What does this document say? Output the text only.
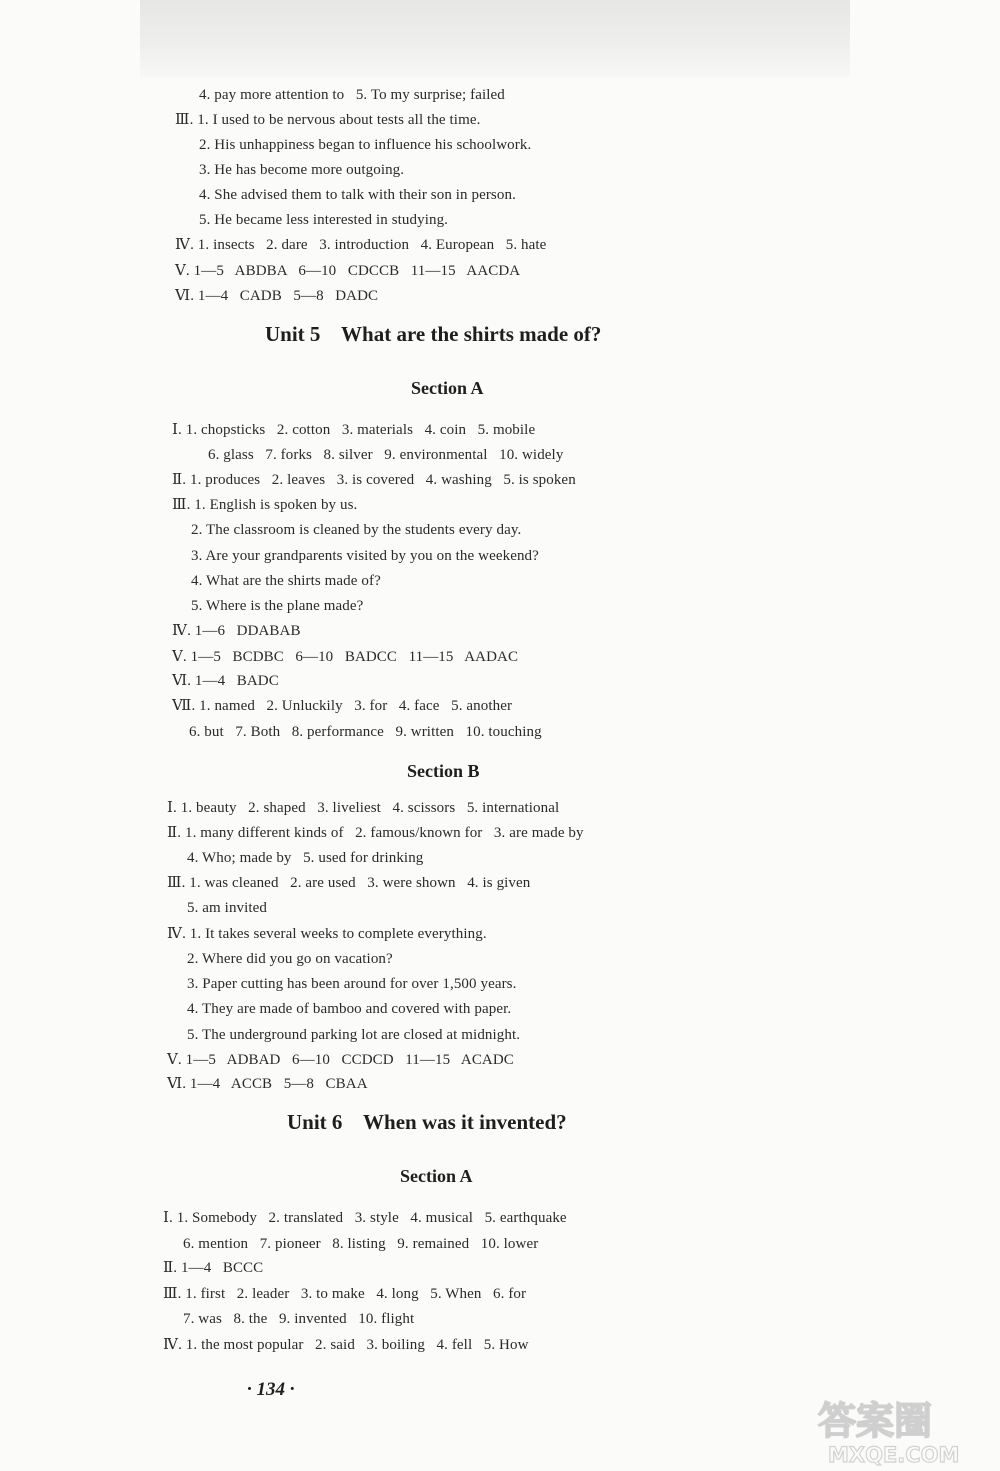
4. pay more attention to   5. To my surprise; failed
Ⅲ. 1. I used to be nervous about tests all the time.
2. His unhappiness began to influence his schoolwork.
3. He has become more outgoing.
4. She advised them to talk with their son in person.
5. He became less interested in studying.
Ⅳ. 1. insects   2. dare   3. introduction   4. European   5. hate
Ⅴ. 1—5   ABDBA   6—10   CDCCB   11—15   AACDA
Ⅵ. 1—4   CADB   5—8   DADC
Unit 5    What are the shirts made of?
Section A
Ⅰ. 1. chopsticks   2. cotton   3. materials   4. coin   5. mobile
6. glass   7. forks   8. silver   9. environmental   10. widely
Ⅱ. 1. produces   2. leaves   3. is covered   4. washing   5. is spoken
Ⅲ. 1. English is spoken by us.
2. The classroom is cleaned by the students every day.
3. Are your grandparents visited by you on the weekend?
4. What are the shirts made of?
5. Where is the plane made?
Ⅳ. 1—6   DDABAB
Ⅴ. 1—5   BCDBC   6—10   BADCC   11—15   AADAC
Ⅵ. 1—4   BADC
Ⅶ. 1. named   2. Unluckily   3. for   4. face   5. another
6. but   7. Both   8. performance   9. written   10. touching
Section B
Ⅰ. 1. beauty   2. shaped   3. liveliest   4. scissors   5. international
Ⅱ. 1. many different kinds of   2. famous/known for   3. are made by
4. Who; made by   5. used for drinking
Ⅲ. 1. was cleaned   2. are used   3. were shown   4. is given
5. am invited
Ⅳ. 1. It takes several weeks to complete everything.
2. Where did you go on vacation?
3. Paper cutting has been around for over 1,500 years.
4. They are made of bamboo and covered with paper.
5. The underground parking lot are closed at midnight.
Ⅴ. 1—5   ADBAD   6—10   CCDCD   11—15   ACADC
Ⅵ. 1—4   ACCB   5—8   CBAA
Unit 6    When was it invented?
Section A
Ⅰ. 1. Somebody   2. translated   3. style   4. musical   5. earthquake
6. mention   7. pioneer   8. listing   9. remained   10. lower
Ⅱ. 1—4   BCCC
Ⅲ. 1. first   2. leader   3. to make   4. long   5. When   6. for
7. was   8. the   9. invented   10. flight
Ⅳ. 1. the most popular   2. said   3. boiling   4. fell   5. How
· 134 ·
答案圈
MXQE.COM
